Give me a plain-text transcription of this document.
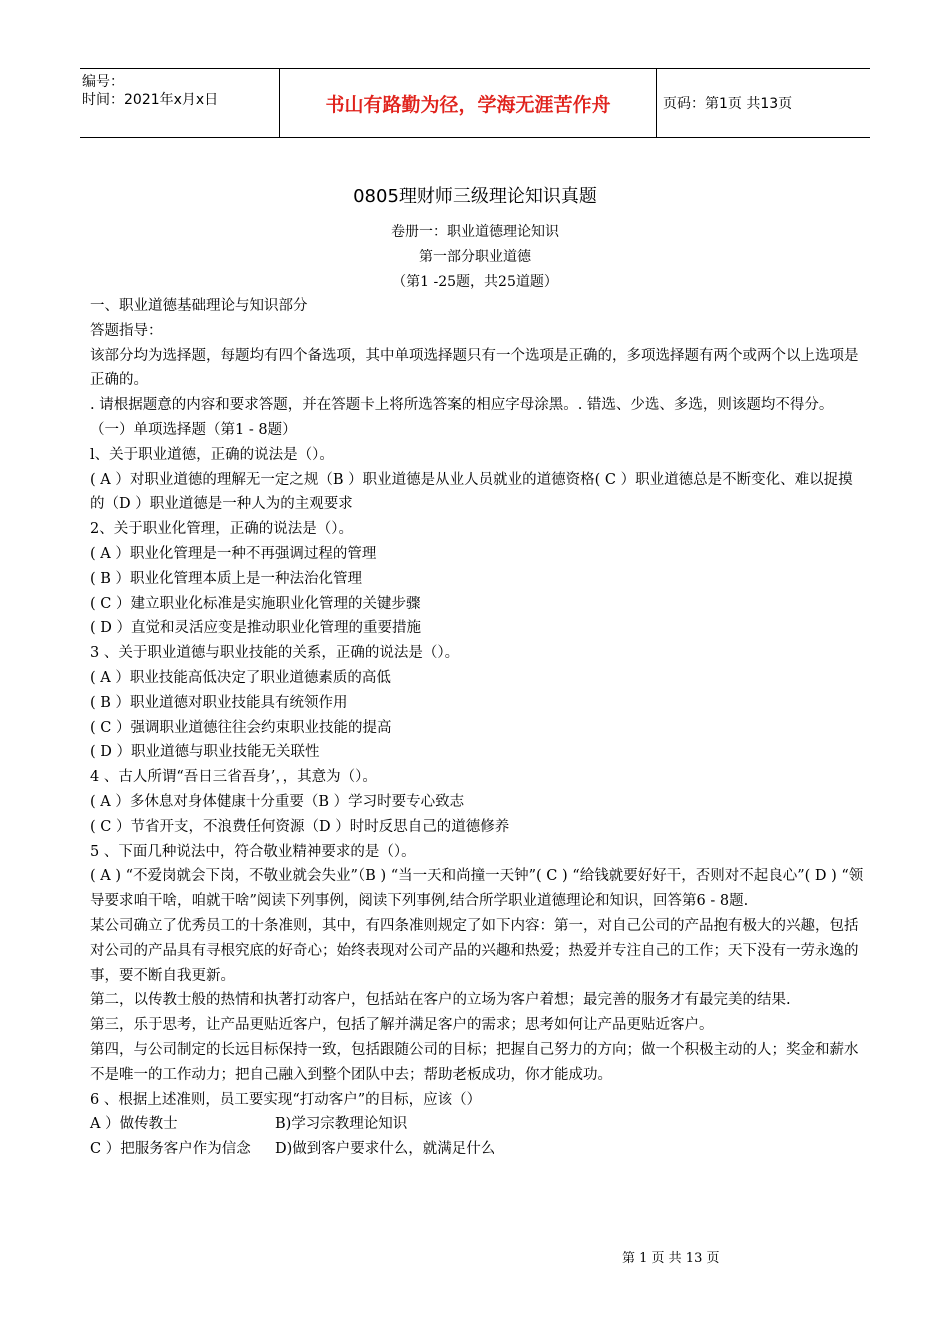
编号：
时间：2021年x月x日	书山有路勤为径，学海无涯苦作舟	页码：第1页 共13页
0805理财师三级理论知识真题
卷册一：职业道德理论知识
第一部分职业道德
（第1 -25题，共25道题）

一、职业道德基础理论与知识部分

答题指导：

该部分均为选择题，每题均有四个备选项，其中单项选择题只有一个选项是正确的，多项选择题有两个或两个以上选项是正确的。

. 请根据题意的内容和要求答题，并在答题卡上将所选答案的相应字母涂黑。. 错选、少选、多选，则该题均不得分。

（一）单项选择题（第1 - 8题）

l、关于职业道德，正确的说法是（）。

( A ）对职业道德的理解无一定之规（B ）职业道德是从业人员就业的道德资格( C ）职业道德总是不断变化、难以捉摸的（D ）职业道德是一种人为的主观要求

2、关于职业化管理，正确的说法是（）。

( A ）职业化管理是一种不再强调过程的管理

( B ）职业化管理本质上是一种法治化管理

( C ）建立职业化标准是实施职业化管理的关键步骤

( D ）直觉和灵活应变是推动职业化管理的重要措施

3 、关于职业道德与职业技能的关系，正确的说法是（）。

( A ）职业技能高低决定了职业道德素质的高低

( B ）职业道德对职业技能具有统领作用

( C ）强调职业道德往往会约束职业技能的提高

( D ）职业道德与职业技能无关联性

4 、古人所谓“吾日三省吾身’，，其意为（）。

( A ）多休息对身体健康十分重要（B ）学习时要专心致志

( C ）节省开支，不浪费任何资源（D ）时时反思自己的道德修养

5 、下面几种说法中，符合敬业精神要求的是（）。

( A ) “不爱岗就会下岗，不敬业就会失业”（B ) “当一天和尚撞一天钟”( C ) “给钱就要好好干，否则对不起良心”( D ) “领导要求咱干啥，咱就干啥”阅读下列事例，阅读下列事例,结合所学职业道德理论和知识，回答第6 - 8题.

某公司确立了优秀员工的十条准则，其中，有四条准则规定了如下内容：第一，对自己公司的产品抱有极大的兴趣，包括对公司的产品具有寻根究底的好奇心；始终表现对公司产品的兴趣和热爱；热爱并专注自己的工作；天下没有一劳永逸的事，要不断自我更新。

第二，以传教士般的热情和执著打动客户，包括站在客户的立场为客户着想；最完善的服务才有最完美的结果.

第三，乐于思考，让产品更贴近客户，包括了解并满足客户的需求；思考如何让产品更贴近客户。

第四，与公司制定的长远目标保持一致，包括跟随公司的目标；把握自己努力的方向；做一个积极主动的人；奖金和薪水不是唯一的工作动力；把自己融入到整个团队中去；帮助老板成功，你才能成功。

6 、根据上述准则，员工要实现“打动客户”的目标，应该（）

A ）做传教士	B)学习宗教理论知识
C ）把服务客户作为信念	D)做到客户要求什么，就满足什么
第 1 页 共 13 页
